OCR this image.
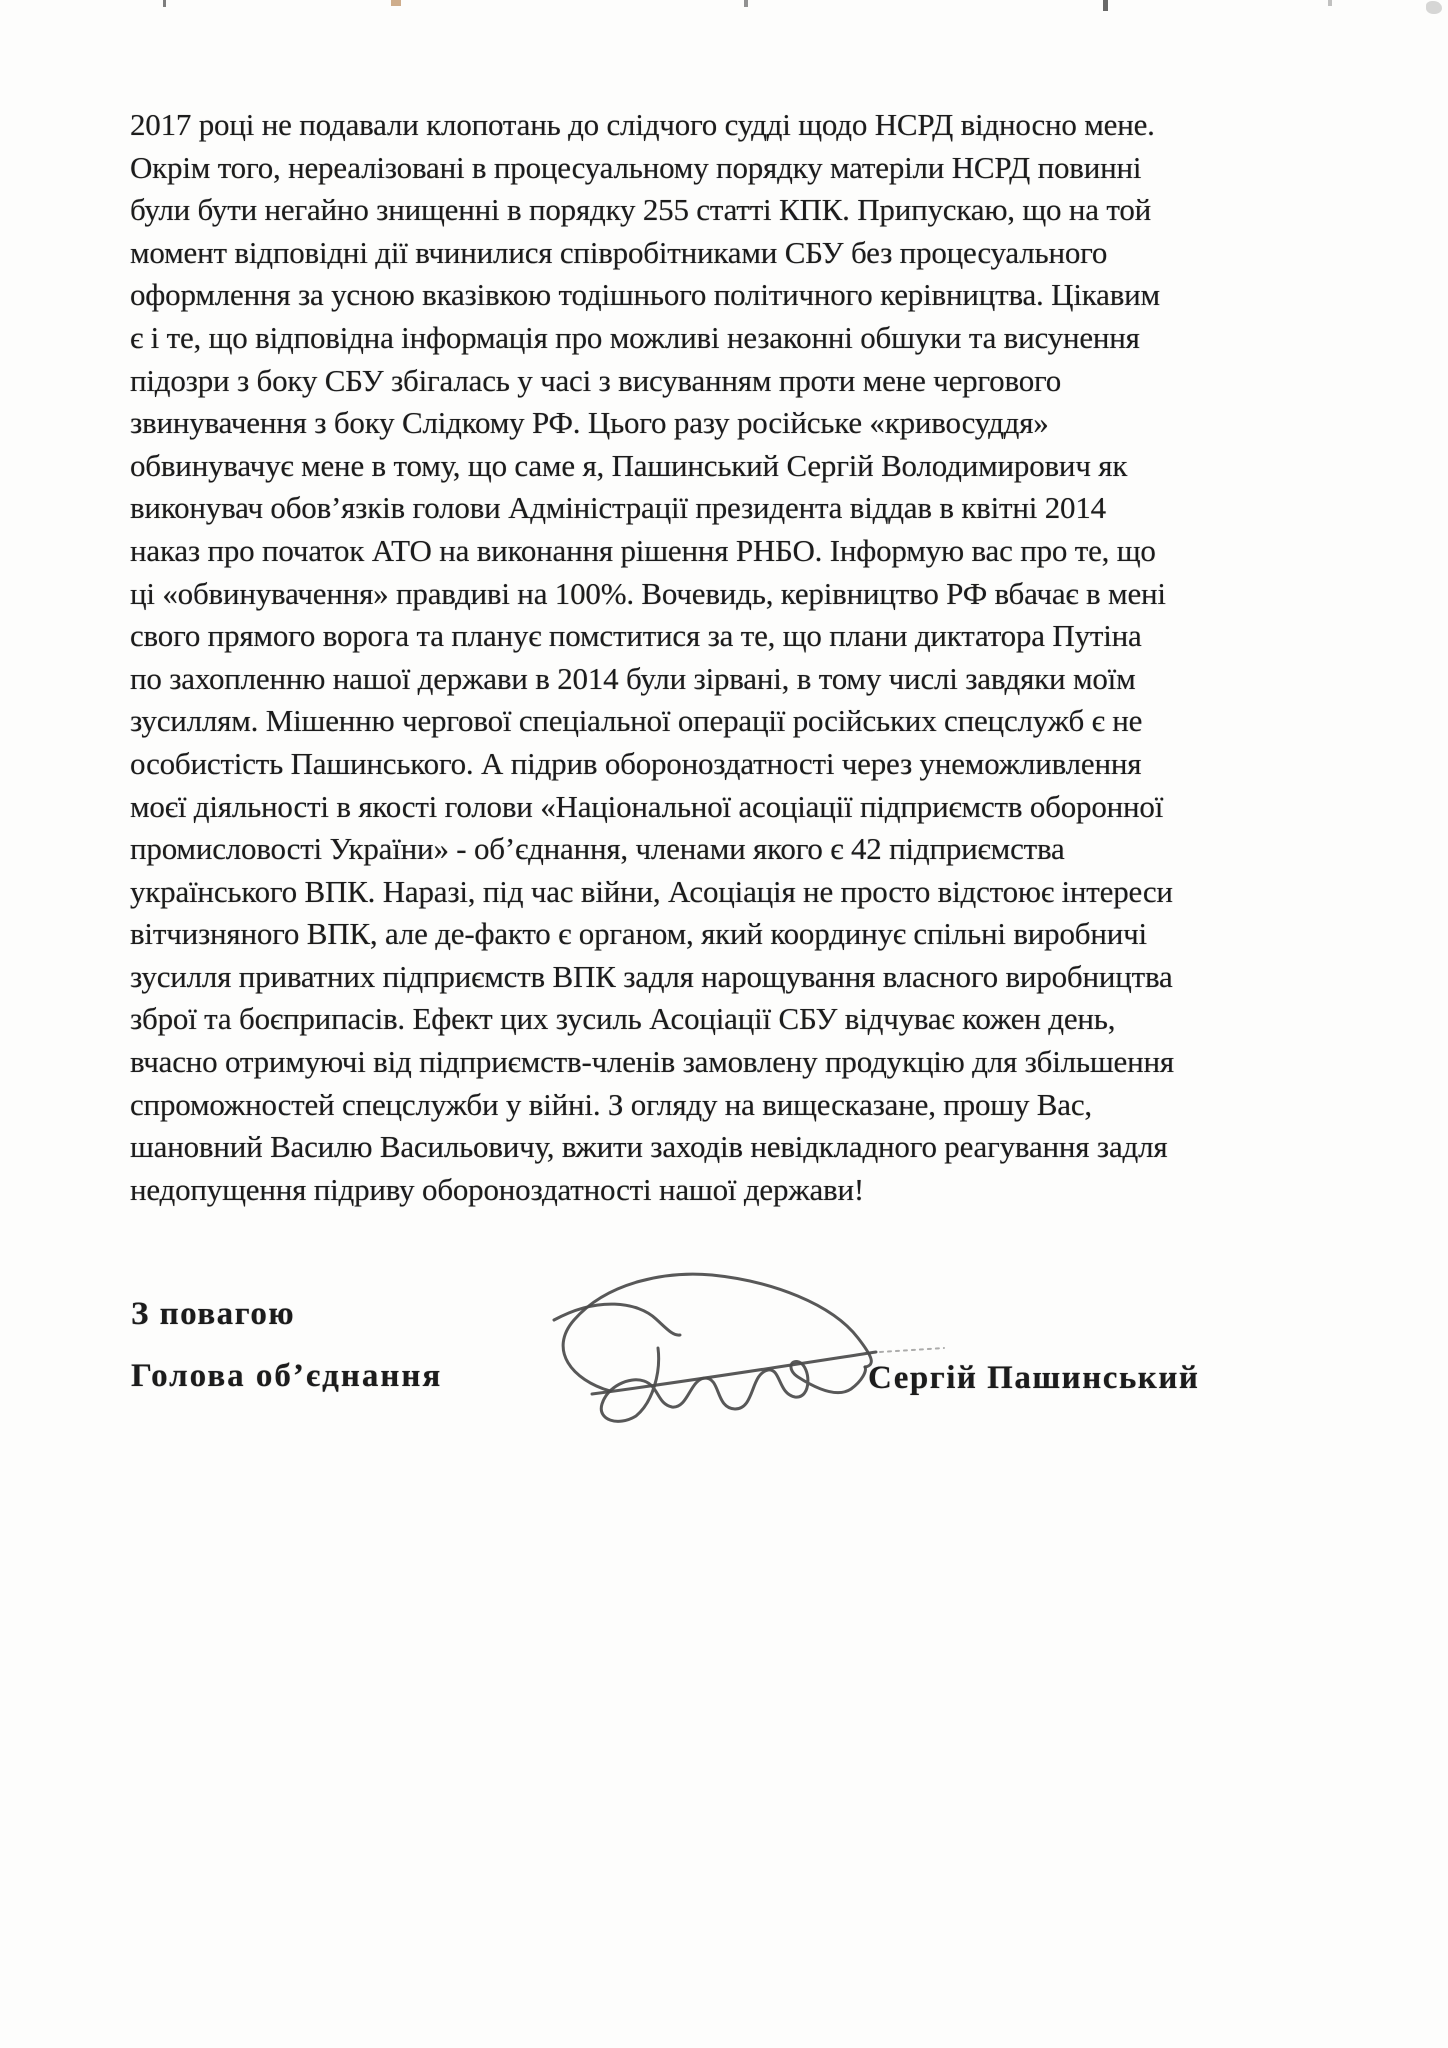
2017 році не подавали клопотань до слідчого судді щодо НСРД відносно мене.
Окрім того, нереалізовані в процесуальному порядку матеріли НСРД повинні
були бути негайно знищенні в порядку 255 статті КПК. Припускаю, що на той
момент відповідні дії вчинилися співробітниками СБУ без процесуального
оформлення за усною вказівкою тодішнього політичного керівництва. Цікавим
є і те, що відповідна інформація про можливі незаконні обшуки та висунення
підозри з боку СБУ збігалась у часі з висуванням проти мене чергового
звинувачення з боку Слідкому РФ. Цього разу російське «кривосуддя»
обвинувачує мене в тому, що саме я, Пашинський Сергій Володимирович як
виконувач обов’язків голови Адміністрації президента віддав в квітні 2014
наказ про початок АТО на виконання рішення РНБО. Інформую вас про те, що
ці «обвинувачення» правдиві на 100%. Вочевидь, керівництво РФ вбачає в мені
свого прямого ворога та планує помститися за те, що плани диктатора Путіна
по захопленню нашої держави в 2014 були зірвані, в тому числі завдяки моїм
зусиллям. Мішенню чергової спеціальної операції російських спецслужб є не
особистість Пашинського. А підрив обороноздатності через унеможливлення
моєї діяльності в якості голови «Національної асоціації підприємств оборонної
промисловості України» - об’єднання, членами якого є 42 підприємства
українського ВПК. Наразі, під час війни, Асоціація не просто відстоює інтереси
вітчизняного ВПК, але де-факто є органом, який координує спільні виробничі
зусилля приватних підприємств ВПК задля нарощування власного виробництва
зброї та боєприпасів. Ефект цих зусиль Асоціації СБУ відчуває кожен день,
вчасно отримуючі від підприємств-членів замовлену продукцію для збільшення
спроможностей спецслужби у війні. З огляду на вищесказане, прошу Вас,
шановний Василю Васильовичу, вжити заходів невідкладного реагування задля
недопущення підриву обороноздатності нашої держави!
З повагою
Голова об’єднання	Сергій Пашинський
